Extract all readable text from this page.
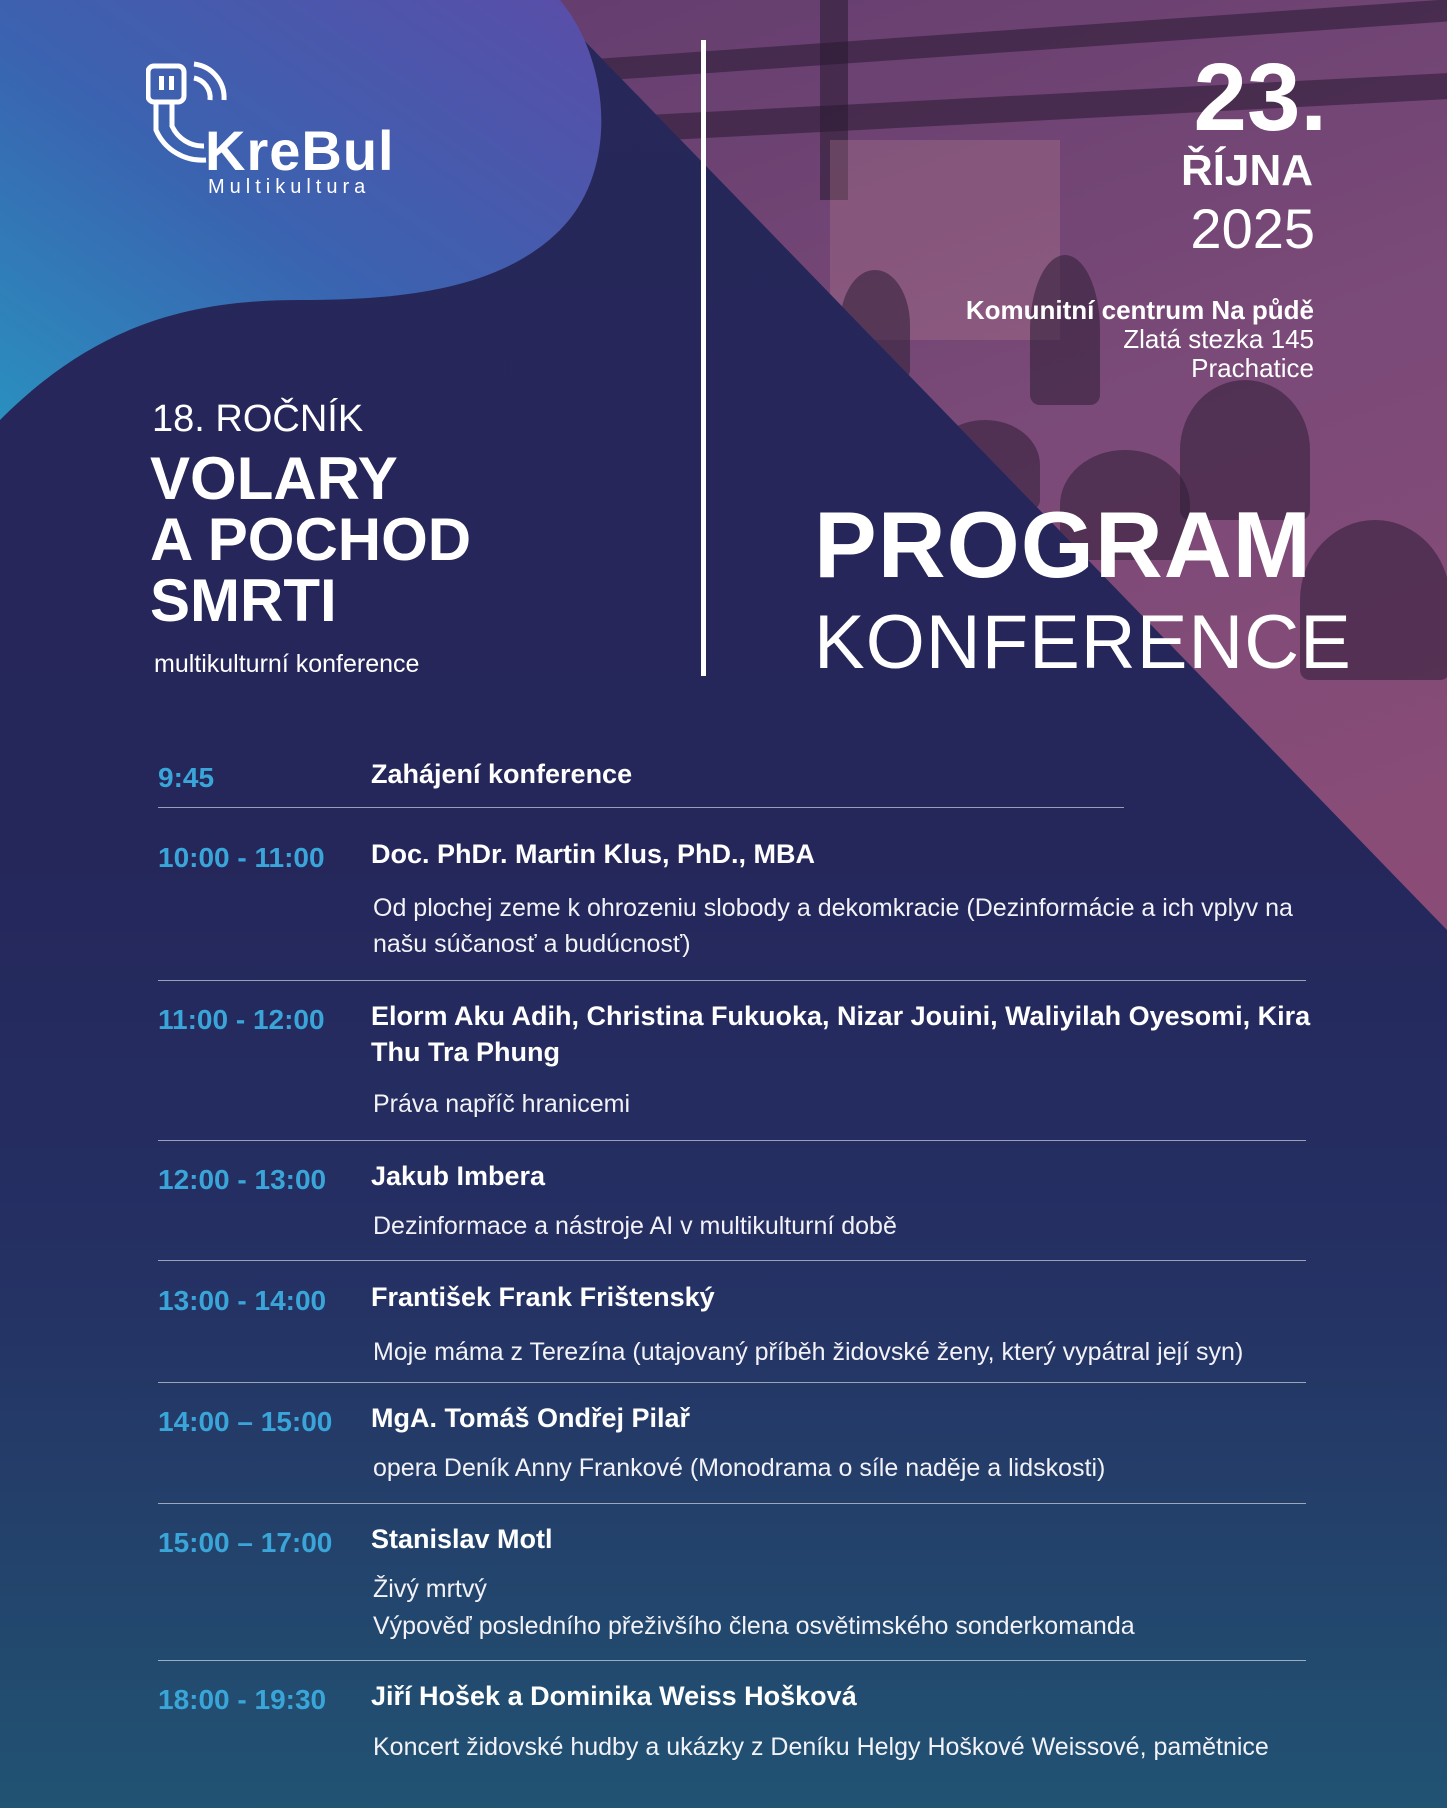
KreBul
Multikultura
18. ROČNÍK
VOLARY
A POCHOD
SMRTI
multikulturní konference
23.
ŘÍJNA
2025
Komunitní centrum Na půdě
Zlatá stezka 145
Prachatice
PROGRAM
KONFERENCE
9:45	Zahájení konference
10:00 - 11:00 Doc. PhDr. Martin Klus, PhD., MBA
Od plochej zeme k ohrozeniu slobody a dekomkracie (Dezinformácie a ich vplyv na našu súčanosť a budúcnosť)
11:00 - 12:00 Elorm Aku Adih, Christina Fukuoka, Nizar Jouini, Waliyilah Oyesomi, Kira Thu Tra Phung
Práva napříč hranicemi
12:00 - 13:00 Jakub Imbera
Dezinformace a nástroje AI v multikulturní době
13:00 - 14:00 František Frank Frištenský
Moje máma z Terezína (utajovaný příběh židovské ženy, který vypátral její syn)
14:00 – 15:00 MgA. Tomáš Ondřej Pilař
opera Deník Anny Frankové (Monodrama o síle naděje a lidskosti)
15:00 – 17:00 Stanislav Motl
Živý mrtvý
Výpověď posledního přeživšího člena osvětimského sonderkomanda
18:00 - 19:30 Jiří Hošek a Dominika Weiss Hošková
Koncert židovské hudby a ukázky z Deníku Helgy Hoškové Weissové, pamětnice
